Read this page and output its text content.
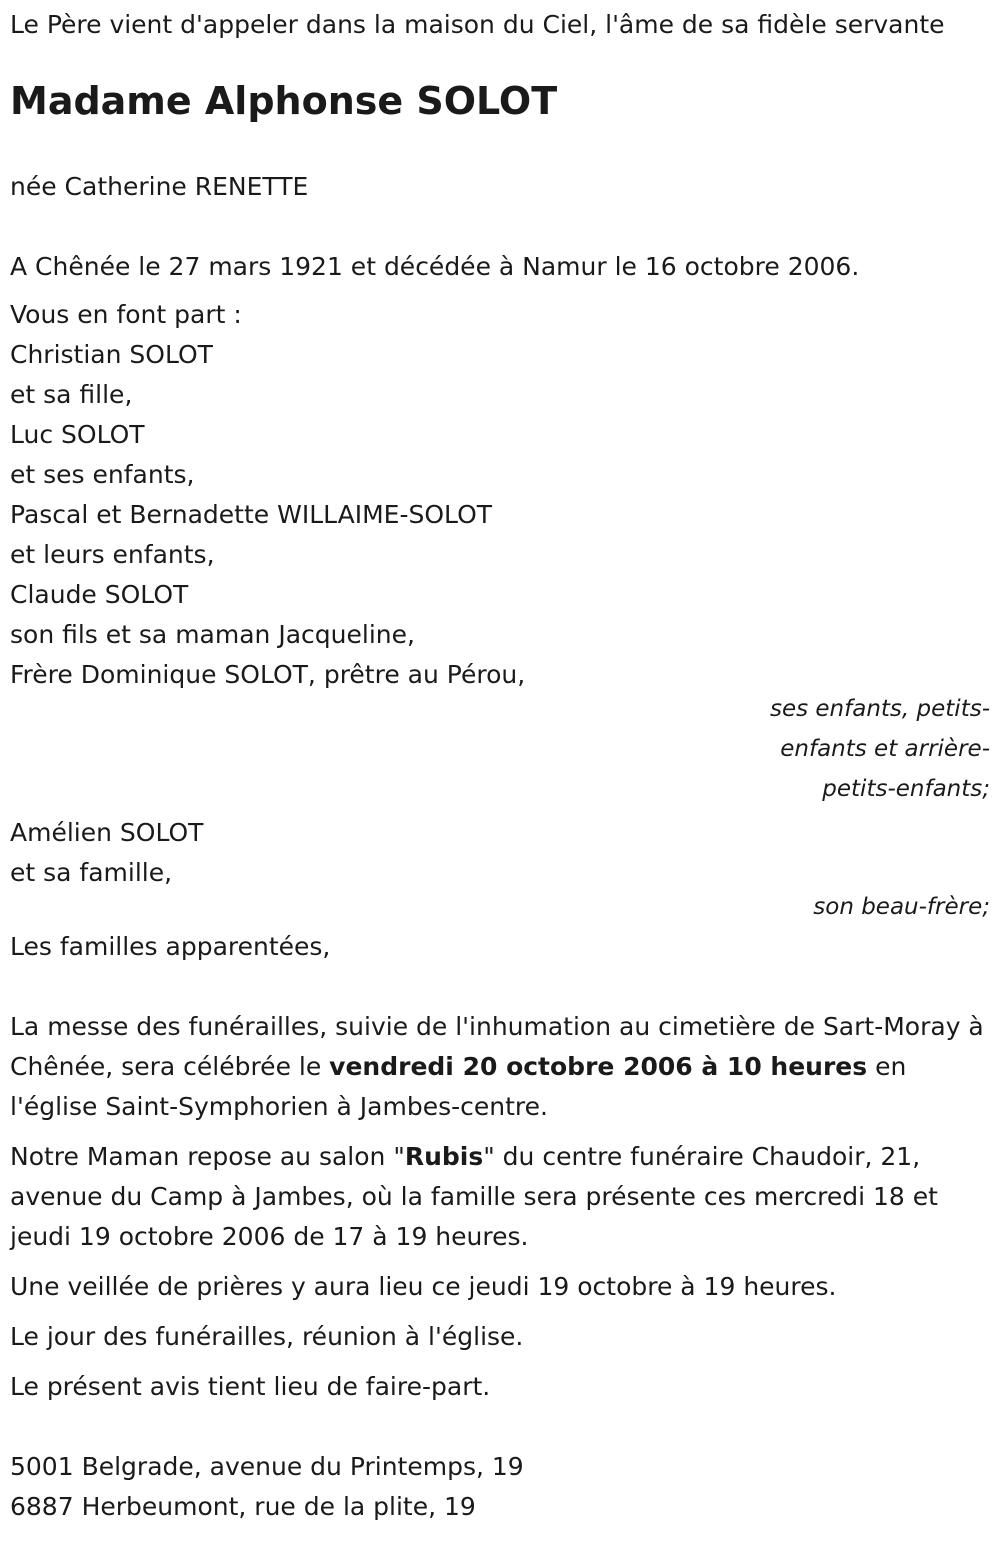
Le Père vient d'appeler dans la maison du Ciel, l'âme de sa fidèle servante

Madame Alphonse SOLOT

née Catherine RENETTE

A Chênée le 27 mars 1921 et décédée à Namur le 16 octobre 2006.

Vous en font part :
Christian SOLOT
et sa fille,
Luc SOLOT
et ses enfants,
Pascal et Bernadette WILLAIME-SOLOT
et leurs enfants,
Claude SOLOT
son fils et sa maman Jacqueline,
Frère Dominique SOLOT, prêtre au Pérou,
ses enfants, petits-
enfants et arrière-
petits-enfants;
Amélien SOLOT
et sa famille,
son beau-frère;
Les familles apparentées,

La messe des funérailles, suivie de l'inhumation au cimetière de Sart-Moray à Chênée, sera célébrée le vendredi 20 octobre 2006 à 10 heures en l'église Saint-Symphorien à Jambes-centre.

Notre Maman repose au salon "Rubis" du centre funéraire Chaudoir, 21, avenue du Camp à Jambes, où la famille sera présente ces mercredi 18 et jeudi 19 octobre 2006 de 17 à 19 heures.

Une veillée de prières y aura lieu ce jeudi 19 octobre à 19 heures.

Le jour des funérailles, réunion à l'église.

Le présent avis tient lieu de faire-part.

5001 Belgrade, avenue du Printemps, 19
6887 Herbeumont, rue de la plite, 19
